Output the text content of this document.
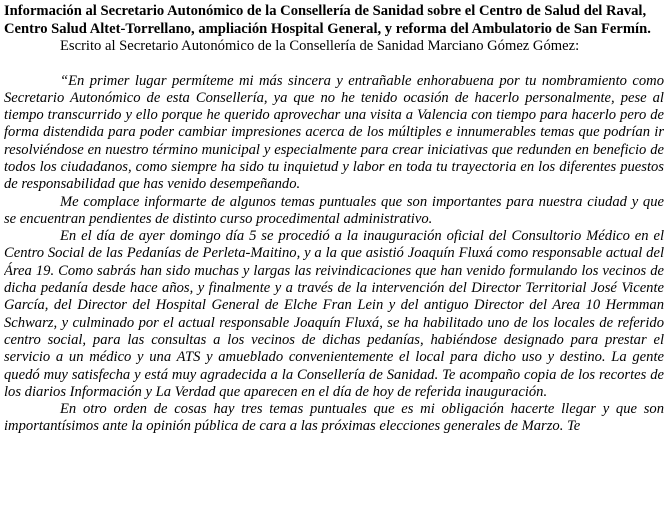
Información al Secretario Autonómico de la Consellería de Sanidad sobre el Centro de Salud del Raval, Centro Salud Altet-Torrellano, ampliación Hospital General, y reforma del Ambulatorio de San Fermín.

Escrito al Secretario Autonómico de la Consellería de Sanidad Marciano Gómez Gómez:

“En primer lugar permíteme mi más sincera y entrañable enhorabuena por tu nombramiento como Secretario Autonómico de esta Consellería, ya que no he tenido ocasión de hacerlo personalmente, pese al tiempo transcurrido y ello porque he querido aprovechar una visita a Valencia con tiempo para hacerlo pero de forma distendida para poder cambiar impresiones acerca de los múltiples e innumerables temas que podrían ir resolviéndose en nuestro término municipal y especialmente para crear iniciativas que redunden en beneficio de todos los ciudadanos, como siempre ha sido tu inquietud y labor en toda tu trayectoria en los diferentes puestos de responsabilidad que has venido desempeñando.

Me complace informarte de algunos temas puntuales que son importantes para nuestra ciudad y que se encuentran pendientes de distinto curso procedimental administrativo.

En el día de ayer domingo día 5 se procedió a la inauguración oficial del Consultorio Médico en el Centro Social de las Pedanías de Perleta-Maitino, y a la que asistió Joaquín Fluxá como responsable actual del Área 19. Como sabrás han sido muchas y largas las reivindicaciones que han venido formulando los vecinos de dicha pedanía desde hace años, y finalmente y a través de la intervención del Director Territorial José Vicente García, del Director del Hospital General de Elche Fran Lein y del antiguo Director del Area 10 Hermman Schwarz, y culminado por el actual responsable Joaquín Fluxá, se ha habilitado uno de los locales de referido centro social, para las consultas a los vecinos de dichas pedanías, habiéndose designado para prestar el servicio a un médico y una ATS y amueblado convenientemente el local para dicho uso y destino. La gente quedó muy satisfecha y está muy agradecida a la Consellería de Sanidad. Te acompaño copia de los recortes de los diarios Información y La Verdad que aparecen en el día de hoy de referida inauguración.

En otro orden de cosas hay tres temas puntuales que es mi obligación hacerte llegar y que son importantísimos ante la opinión pública de cara a las próximas elecciones generales de Marzo. Te
